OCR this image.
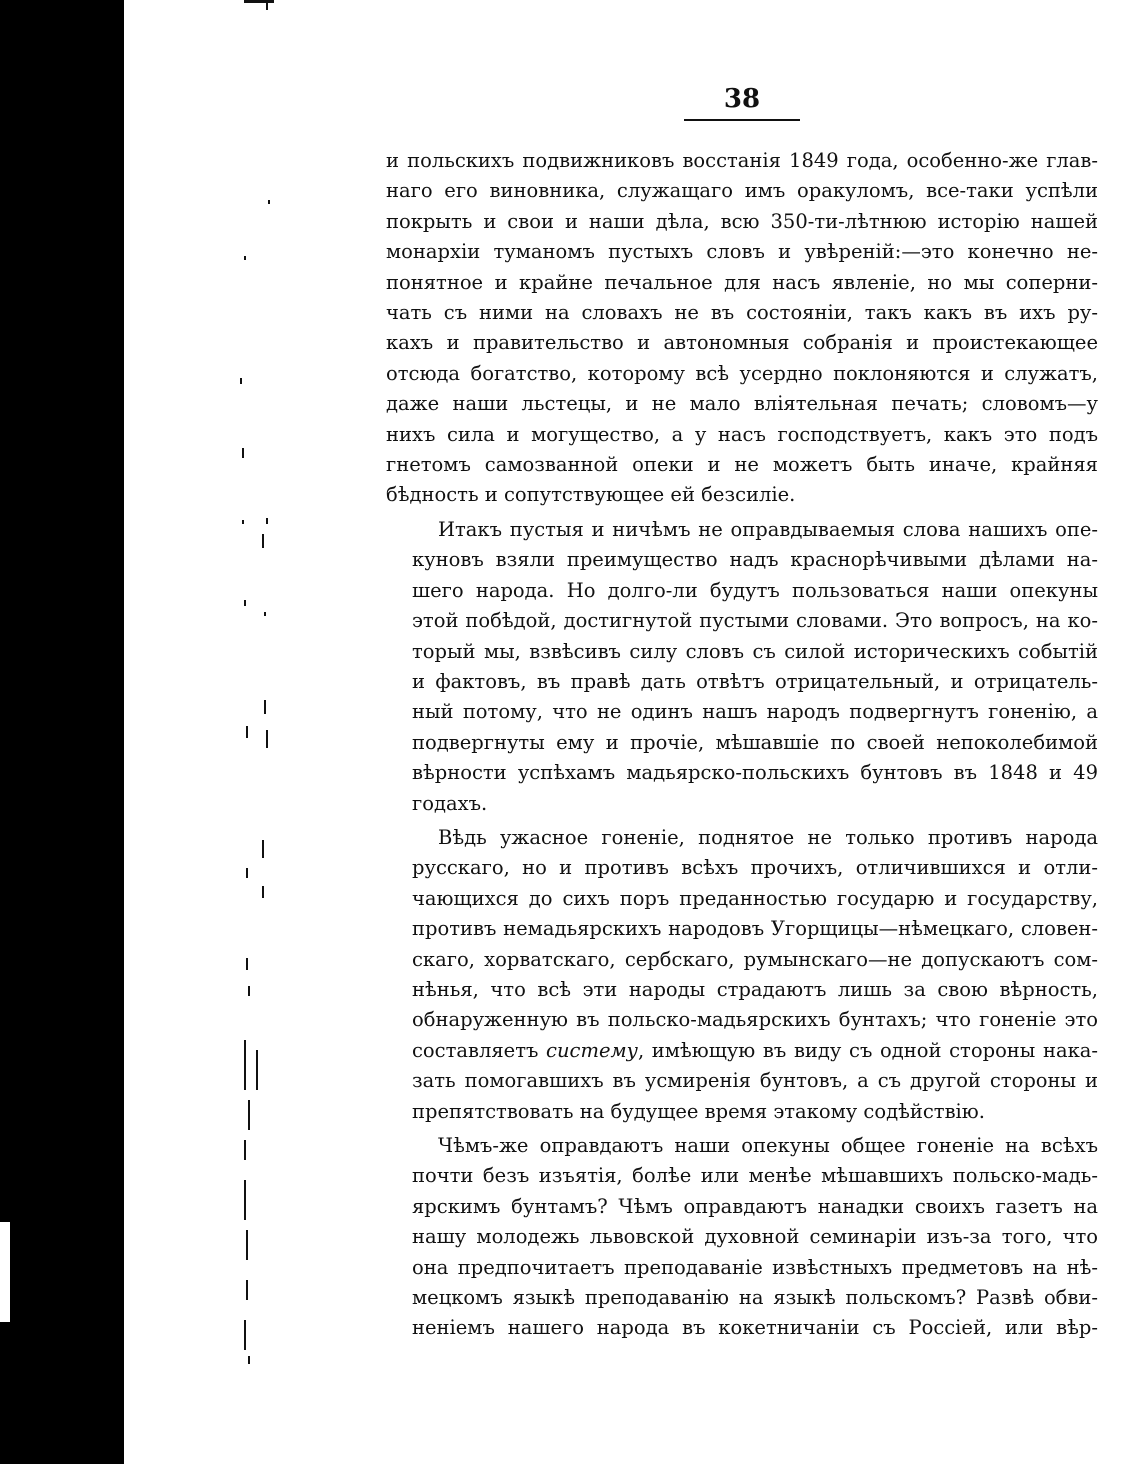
38

и польскихъ подвижниковъ восстанія 1849 года, особенно-же глав-
наго его виновника, служащаго имъ оракуломъ, все-таки успѣли
покрыть и свои и наши дѣла, всю 350-ти-лѣтнюю исторію нашей
монархіи туманомъ пустыхъ словъ и увѣреній:—это конечно не-
понятное и крайне печальное для насъ явленіе, но мы соперни-
чать съ ними на словахъ не въ состояніи, такъ какъ въ ихъ ру-
кахъ и правительство и автономныя собранія и проистекающее
отсюда богатство, которому всѣ усердно поклоняются и служатъ,
даже наши льстецы, и не мало вліятельная печать; словомъ—у
нихъ сила и могущество, а у насъ господствуетъ, какъ это подъ
гнетомъ самозванной опеки и не можетъ быть иначе, крайняя
бѣдность и сопутствующее ей безсиліе.

Итакъ пустыя и ничѣмъ не оправдываемыя слова нашихъ опе-
куновъ взяли преимущество надъ краснорѣчивыми дѣлами на-
шего народа. Но долго-ли будутъ пользоваться наши опекуны
этой побѣдой, достигнутой пустыми словами. Это вопросъ, на ко-
торый мы, взвѣсивъ силу словъ съ силой историческихъ событій
и фактовъ, въ правѣ дать отвѣтъ отрицательный, и отрицатель-
ный потому, что не одинъ нашъ народъ подвергнутъ гоненію, а
подвергнуты ему и прочіе, мѣшавшіе по своей непоколебимой
вѣрности успѣхамъ мадьярско-польскихъ бунтовъ въ 1848 и 49
годахъ.

Вѣдь ужасное гоненіе, поднятое не только противъ народа
русскаго, но и противъ всѣхъ прочихъ, отличившихся и отли-
чающихся до сихъ поръ преданностью государю и государству,
противъ немадьярскихъ народовъ Угорщицы—нѣмецкаго, словен-
скаго, хорватскаго, сербскаго, румынскаго—не допускаютъ сом-
нѣнья, что всѣ эти народы страдаютъ лишь за свою вѣрность,
обнаруженную въ польско-мадьярскихъ бунтахъ; что гоненіе это
составляетъ систему, имѣющую въ виду съ одной стороны нака-
зать помогавшихъ въ усмиренія бунтовъ, а съ другой стороны и
препятствовать на будущее время этакому содѣйствію.

Чѣмъ-же оправдаютъ наши опекуны общее гоненіе на всѣхъ
почти безъ изъятія, болѣе или менѣе мѣшавшихъ польско-мадь-
ярскимъ бунтамъ? Чѣмъ оправдаютъ нанадки своихъ газетъ на
нашу молодежь львовской духовной семинаріи изъ-за того, что
она предпочитаетъ преподаваніе извѣстныхъ предметовъ на нѣ-
мецкомъ языкѣ преподаванію на языкѣ польскомъ? Развѣ обви-
неніемъ нашего народа въ кокетничаніи съ Россіей, или вѣр-
